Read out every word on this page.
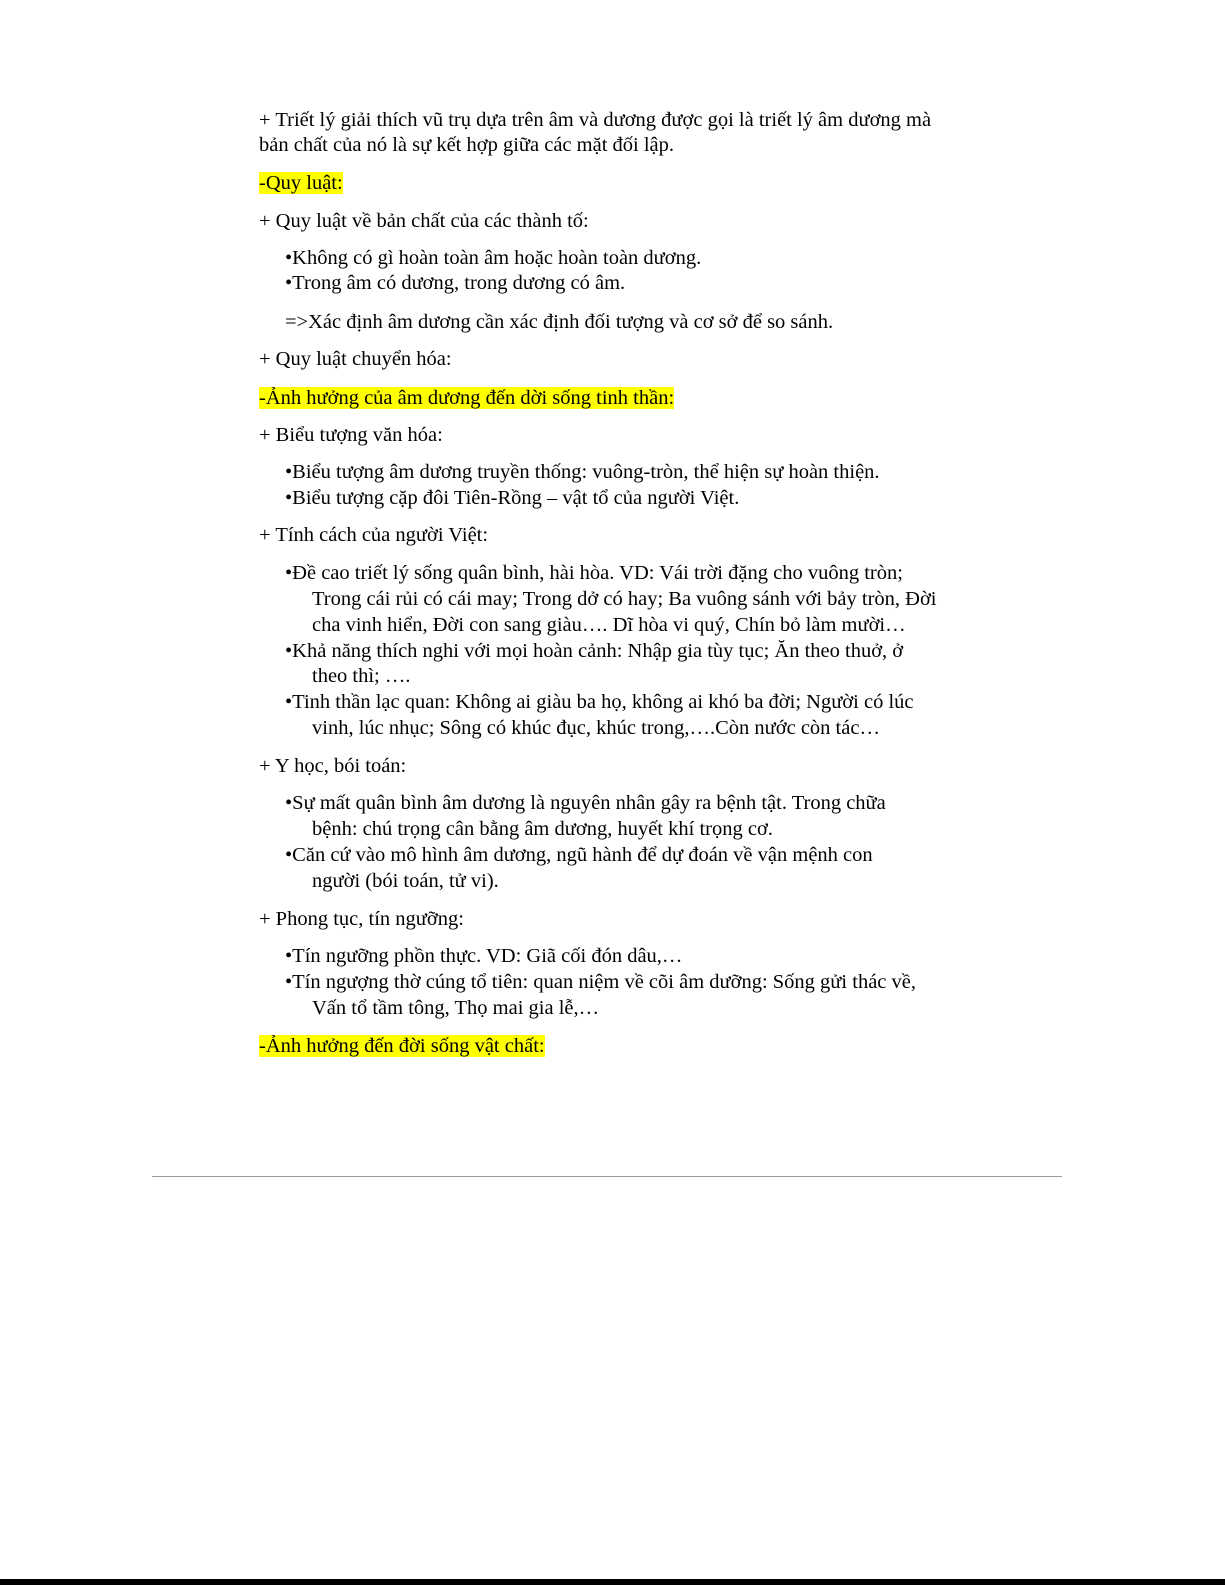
+ Triết lý giải thích vũ trụ dựa trên âm và dương được gọi là triết lý âm dương mà
bản chất của nó là sự kết hợp giữa các mặt đối lập.
-Quy luật:
+ Quy luật về bản chất của các thành tố:
•Không có gì hoàn toàn âm hoặc hoàn toàn dương.
•Trong âm có dương, trong dương có âm.
=>Xác định âm dương cần xác định đối tượng và cơ sở để so sánh.
+ Quy luật chuyển hóa:
-Ảnh hưởng của âm dương đến dời sống tinh thần:
+ Biểu tượng văn hóa:
•Biểu tượng âm dương truyền thống: vuông-tròn, thể hiện sự hoàn thiện.
•Biểu tượng cặp đôi Tiên-Rồng – vật tổ của người Việt.
+ Tính cách của người Việt:
•Đề cao triết lý sống quân bình, hài hòa. VD: Vái trời đặng cho vuông tròn;
Trong cái rủi có cái may; Trong dở có hay; Ba vuông sánh với bảy tròn, Đời
cha vinh hiển, Đời con sang giàu…. Dĩ hòa vi quý, Chín bỏ làm mười…
•Khả năng thích nghi với mọi hoàn cảnh: Nhập gia tùy tục; Ăn theo thuở, ở
theo thì; ….
•Tinh thần lạc quan: Không ai giàu ba họ, không ai khó ba đời; Người có lúc
vinh, lúc nhục; Sông có khúc đục, khúc trong,….Còn nước còn tác…
+ Y học, bói toán:
•Sự mất quân bình âm dương là nguyên nhân gây ra bệnh tật. Trong chữa
bệnh: chú trọng cân bằng âm dương, huyết khí trọng cơ.
•Căn cứ vào mô hình âm dương, ngũ hành để dự đoán về vận mệnh con
người (bói toán, tử vi).
+ Phong tục, tín ngưỡng:
•Tín ngưỡng phồn thực. VD: Giã cối đón dâu,…
•Tín ngượng thờ cúng tổ tiên: quan niệm về cõi âm dưỡng: Sống gửi thác về,
Vấn tổ tầm tông, Thọ mai gia lễ,…
-Ảnh hưởng đến đời sống vật chất:
